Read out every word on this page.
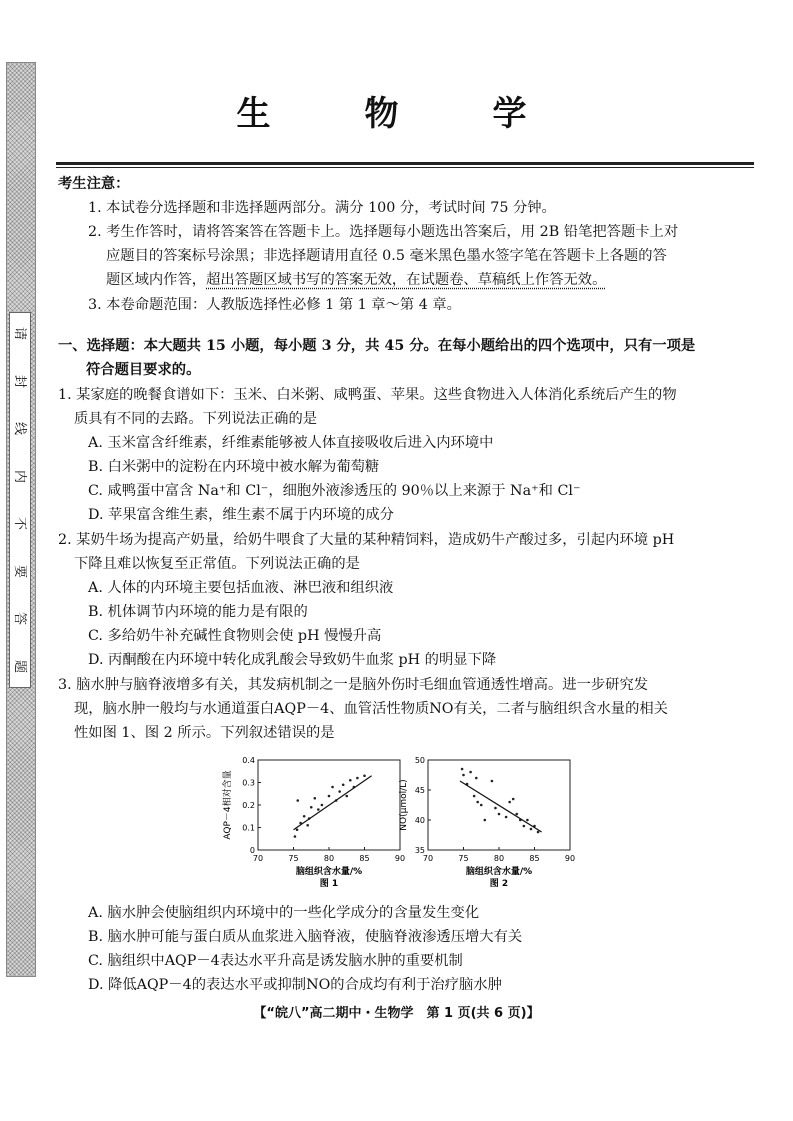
请
封
线
内
不
要
答
题
生　物　学
考生注意：
1. 本试卷分选择题和非选择题两部分。满分 100 分，考试时间 75 分钟。
2. 考生作答时，请将答案答在答题卡上。选择题每小题选出答案后，用 2B 铅笔把答题卡上对
应题目的答案标号涂黑；非选择题请用直径 0.5 毫米黑色墨水签字笔在答题卡上各题的答
题区域内作答，超出答题区域书写的答案无效，在试题卷、草稿纸上作答无效。
3. 本卷命题范围：人教版选择性必修 1 第 1 章～第 4 章。
一、选择题：本大题共 15 小题，每小题 3 分，共 45 分。在每小题给出的四个选项中，只有一项是
符合题目要求的。
1. 某家庭的晚餐食谱如下：玉米、白米粥、咸鸭蛋、苹果。这些食物进入人体消化系统后产生的物
质具有不同的去路。下列说法正确的是
A. 玉米富含纤维素，纤维素能够被人体直接吸收后进入内环境中
B. 白米粥中的淀粉在内环境中被水解为葡萄糖
C. 咸鸭蛋中富含 Na⁺和 Cl⁻，细胞外液渗透压的 90％以上来源于 Na⁺和 Cl⁻
D. 苹果富含维生素，维生素不属于内环境的成分
2. 某奶牛场为提高产奶量，给奶牛喂食了大量的某种精饲料，造成奶牛产酸过多，引起内环境 pH
下降且难以恢复至正常值。下列说法正确的是
A. 人体的内环境主要包括血液、淋巴液和组织液
B. 机体调节内环境的能力是有限的
C. 多给奶牛补充碱性食物则会使 pH 慢慢升高
D. 丙酮酸在内环境中转化成乳酸会导致奶牛血浆 pH 的明显下降
3. 脑水肿与脑脊液增多有关，其发病机制之一是脑外伤时毛细血管通透性增高。进一步研究发
现，脑水肿一般均与水通道蛋白AQP－4、血管活性物质NO有关，二者与脑组织含水量的相关
性如图 1、图 2 所示。下列叙述错误的是
70	75	80	85	90
0
0.1
0.2
0.3
0.4
脑组织含水量/%
AQP－4相对含量
图 1
70	75	80	85	90
35
40
45
50
脑组织含水量/%
NO(μmol/L)
图 2
A. 脑水肿会使脑组织内环境中的一些化学成分的含量发生变化
B. 脑水肿可能与蛋白质从血浆进入脑脊液，使脑脊液渗透压增大有关
C. 脑组织中AQP－4表达水平升高是诱发脑水肿的重要机制
D. 降低AQP－4的表达水平或抑制NO的合成均有利于治疗脑水肿
【“皖八”高二期中・生物学　第 1 页(共 6 页)】
